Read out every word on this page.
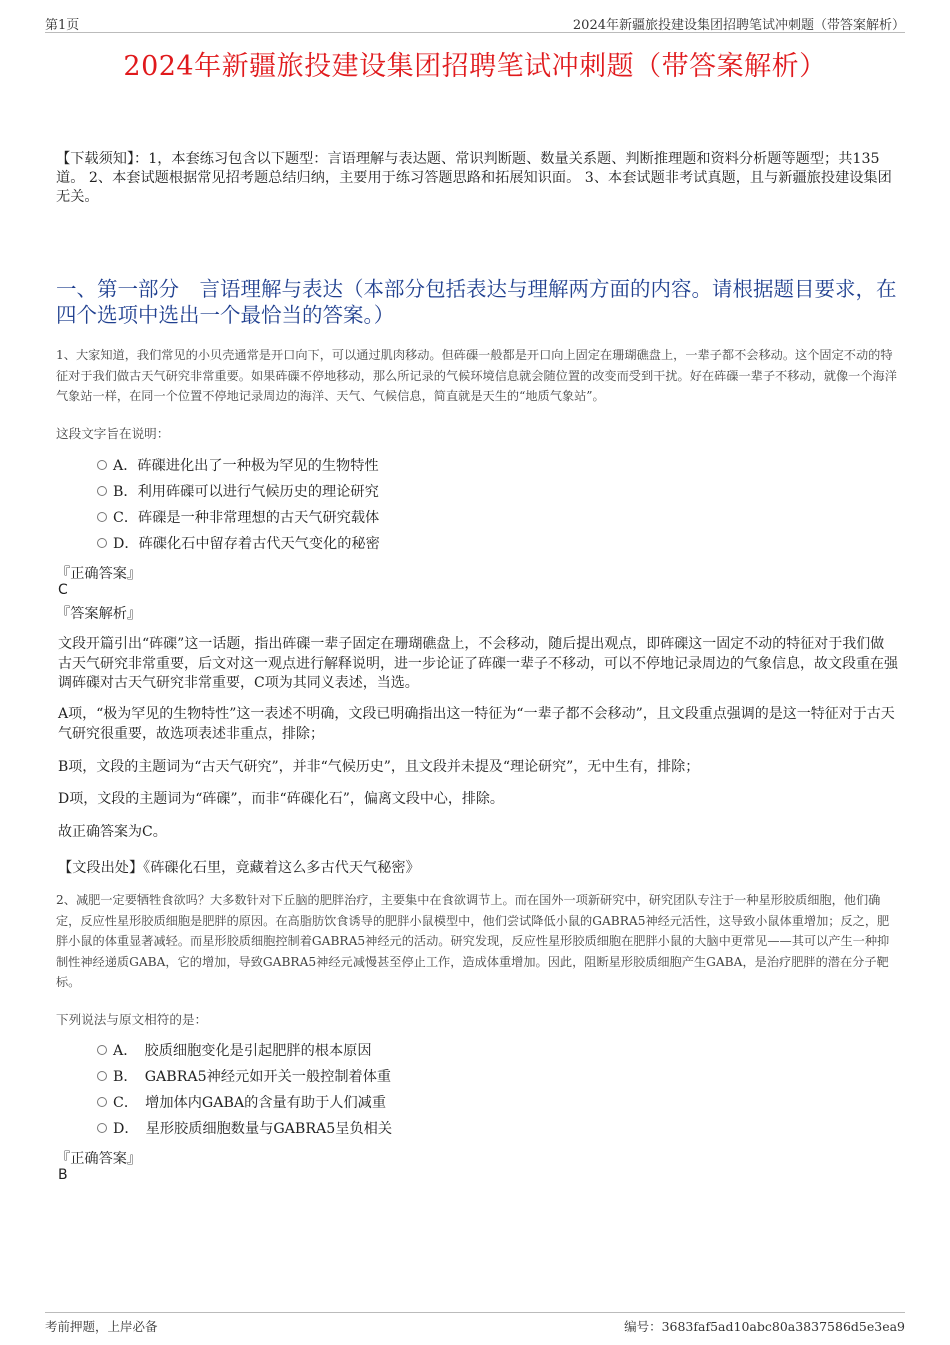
第1页	2024年新疆旅投建设集团招聘笔试冲刺题（带答案解析）
2024年新疆旅投建设集团招聘笔试冲刺题（带答案解析）
【下载须知】：1，本套练习包含以下题型：言语理解与表达题、常识判断题、数量关系题、判断推理题和资料分析题等题型；共135道。 2、本套试题根据常见招考题总结归纳，主要用于练习答题思路和拓展知识面。 3、本套试题非考试真题，且与新疆旅投建设集团无关。
一、第一部分　言语理解与表达（本部分包括表达与理解两方面的内容。请根据题目要求，在四个选项中选出一个最恰当的答案。）
1、大家知道，我们常见的小贝壳通常是开口向下，可以通过肌肉移动。但砗磲一般都是开口向上固定在珊瑚礁盘上，一辈子都不会移动。这个固定不动的特征对于我们做古天气研究非常重要。如果砗磲不停地移动，那么所记录的气候环境信息就会随位置的改变而受到干扰。好在砗磲一辈子不移动，就像一个海洋气象站一样，在同一个位置不停地记录周边的海洋、天气、气候信息，简直就是天生的“地质气象站”。
这段文字旨在说明：
A．砗磲进化出了一种极为罕见的生物特性
B．利用砗磲可以进行气候历史的理论研究
C．砗磲是一种非常理想的古天气研究载体
D．砗磲化石中留存着古代天气变化的秘密
『正确答案』
C
『答案解析』
文段开篇引出“砗磲”这一话题，指出砗磲一辈子固定在珊瑚礁盘上，不会移动，随后提出观点，即砗磲这一固定不动的特征对于我们做古天气研究非常重要，后文对这一观点进行解释说明，进一步论证了砗磲一辈子不移动，可以不停地记录周边的气象信息，故文段重在强调砗磲对古天气研究非常重要，C项为其同义表述，当选。
A项，“极为罕见的生物特性”这一表述不明确，文段已明确指出这一特征为“一辈子都不会移动”，且文段重点强调的是这一特征对于古天气研究很重要，故选项表述非重点，排除；
B项，文段的主题词为“古天气研究”，并非“气候历史”，且文段并未提及“理论研究”，无中生有，排除；
D项，文段的主题词为“砗磲”，而非“砗磲化石”，偏离文段中心，排除。
故正确答案为C。
【文段出处】《砗磲化石里，竟藏着这么多古代天气秘密》
2、减肥一定要牺牲食欲吗？大多数针对下丘脑的肥胖治疗，主要集中在食欲调节上。而在国外一项新研究中，研究团队专注于一种星形胶质细胞，他们确定，反应性星形胶质细胞是肥胖的原因。在高脂肪饮食诱导的肥胖小鼠模型中，他们尝试降低小鼠的GABRA5神经元活性，这导致小鼠体重增加；反之，肥胖小鼠的体重显著减轻。而星形胶质细胞控制着GABRA5神经元的活动。研究发现，反应性星形胶质细胞在肥胖小鼠的大脑中更常见——其可以产生一种抑制性神经递质GABA，它的增加，导致GABRA5神经元减慢甚至停止工作，造成体重增加。因此，阻断星形胶质细胞产生GABA，是治疗肥胖的潜在分子靶标。
下列说法与原文相符的是：
A．　胶质细胞变化是引起肥胖的根本原因
B．　GABRA5神经元如开关一般控制着体重
C．　增加体内GABA的含量有助于人们减重
D．　星形胶质细胞数量与GABRA5呈负相关
『正确答案』
B
考前押题，上岸必备	编号：3683faf5ad10abc80a3837586d5e3ea9
